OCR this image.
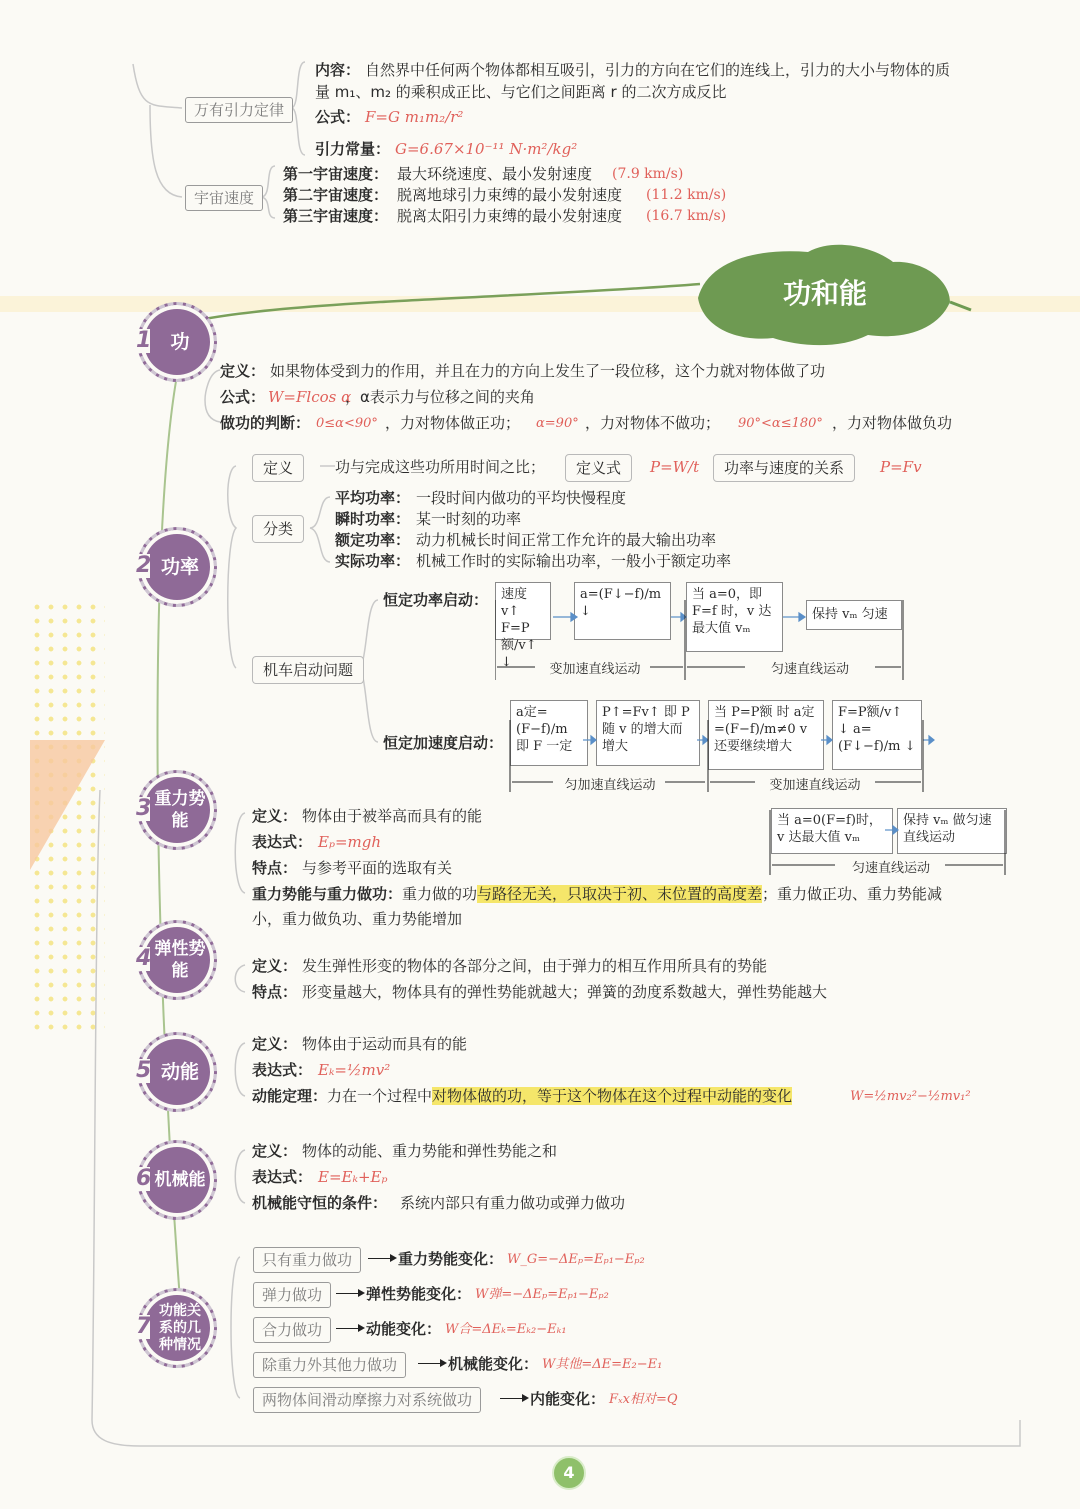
万有引力定律
内容： 自然界中任何两个物体都相互吸引，引力的方向在它们的连线上，引力的大小与物体的质
量 m₁、m₂ 的乘积成正比、与它们之间距离 r 的二次方成反比
公式： F=G m₁m₂/r²
引力常量： G=6.67×10⁻¹¹ N·m²/kg²
宇宙速度
第一宇宙速度： 最大环绕速度、最小发射速度 (7.9 km/s)
第二宇宙速度： 脱离地球引力束缚的最小发射速度 (11.2 km/s)
第三宇宙速度： 脱离太阳引力束缚的最小发射速度 (16.7 km/s)
功和能
1	功
定义： 如果物体受到力的作用，并且在力的方向上发生了一段位移，这个力就对物体做了功
公式： W=Flcos α
，α表示力与位移之间的夹角
做功的判断： 0≤α<90° ，力对物体做正功； α=90° ，力对物体不做功； 90°<α≤180° ，力对物体做负功
2 功率
定义	功与完成这些功所用时间之比；	定义式	P=W/t	功率与速度的关系	P=Fv
分类
平均功率： 一段时间内做功的平均快慢程度
瞬时功率： 某一时刻的功率
额定功率： 动力机械长时间正常工作允许的最大输出功率
实际功率： 机械工作时的实际输出功率，一般小于额定功率
机车启动问题
恒定功率启动： 速度v↑ F=P额/v↑ ↓
a=(F↓−f)/m ↓
当 a=0，即 F=f 时，v 达最大值 vₘ
保持 vₘ 匀速
变加速直线运动	匀速直线运动
恒定加速度启动：
a定=(F−f)/m 即 F 一定
P↑=Fv↑ 即 P 随 v 的增大而增大
当 P=P额 时 a定=(F−f)/m≠0 v 还要继续增大
F=P额/v↑ ↓ a=(F↓−f)/m ↓
当 a=0(F=f)时，v 达最大值 vₘ
保持 vₘ 做匀速直线运动
匀加速直线运动	变加速直线运动
匀速直线运动
3 重力势能	定义： 物体由于被举高而具有的能
表达式： Eₚ=mgh
特点： 与参考平面的选取有关
重力势能与重力做功：重力做的功与路径无关，只取决于初、末位置的高度差；重力做正功、重力势能减
小，重力做负功、重力势能增加
4 弹性势能	定义： 发生弹性形变的物体的各部分之间，由于弹力的相互作用所具有的势能
特点： 形变量越大，物体具有的弹性势能就越大；弹簧的劲度系数越大，弹性势能越大
5 动能
定义： 物体由于运动而具有的能
表达式： Eₖ=½mv²
动能定理：力在一个过程中对物体做的功，等于这个物体在这个过程中动能的变化	W=½mv₂²−½mv₁²
6 机械能
定义： 物体的动能、重力势能和弹性势能之和
表达式： E=Eₖ+Eₚ
机械能守恒的条件： 系统内部只有重力做功或弹力做功
7
功能关系的几种情况
只有重力做功	重力势能变化： W_G=−ΔEₚ=Eₚ₁−Eₚ₂
弹力做功	弹性势能变化： W弹=−ΔEₚ=Eₚ₁−Eₚ₂
合力做功	动能变化： W合=ΔEₖ=Eₖ₂−Eₖ₁
除重力外其他力做功	机械能变化： W其他=ΔE=E₂−E₁
两物体间滑动摩擦力对系统做功	内能变化： Fₓx相对=Q
4
